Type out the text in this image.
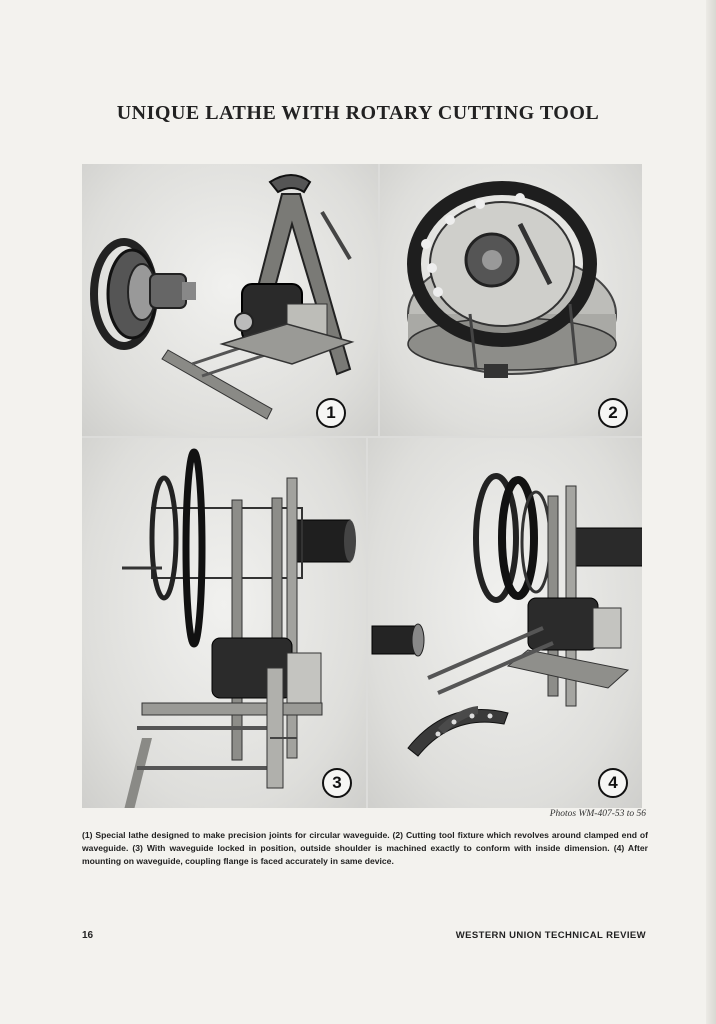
UNIQUE LATHE WITH ROTARY CUTTING TOOL
1	2
3	4
Photos WM-407-53 to 56
(1) Special lathe designed to make precision joints for circular waveguide. (2) Cutting tool fixture which revolves around clamped end of waveguide. (3) With waveguide locked in position, outside shoulder is machined exactly to conform with inside dimension. (4) After mounting on waveguide, coupling flange is faced accurately in same device.
16	WESTERN UNION TECHNICAL REVIEW
